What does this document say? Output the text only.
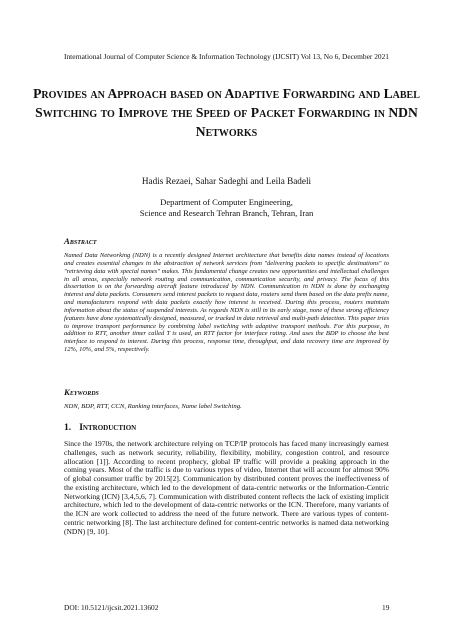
International Journal of Computer Science & Information Technology (IJCSIT) Vol 13, No 6, December 2021
Provides an Approach based on Adaptive Forwarding and Label Switching to Improve the Speed of Packet Forwarding in NDN Networks
Hadis Rezaei, Sahar Sadeghi and Leila Badeli
Department of Computer Engineering,
Science and Research Tehran Branch, Tehran, Iran
Abstract
Named Data Networking (NDN) is a recently designed Internet architecture that benefits data names instead of locations and creates essential changes in the abstraction of network services from "delivering packets to specific destinations" to "retrieving data with special names" makes. This fundamental change creates new opportunities and intellectual challenges in all areas, especially network routing and communication, communication security, and privacy. The focus of this dissertation is on the forwarding aircraft feature introduced by NDN. Communication in NDN is done by exchanging interest and data packets. Consumers send interest packets to request data, routers send them based on the data prefix name, and manufacturers respond with data packets exactly how interest is received. During this process, routers maintain information about the status of suspended interests. As regards NDN is still in its early stage, none of these strong efficiency features have done systematically designed, measured, or tracked in data retrieval and multi-path detection. This paper tries to improve transport performance by combining label switching with adaptive transport methods. For this purpose, in addition to RTT, another timer called T is used, an RTT factor for interface rating. And uses the BDP to choose the best interface to respond to interest. During this process, response time, throughput, and data recovery time are improved by 12%, 10%, and 5%, respectively.
Keywords
NDN, BDP, RTT, CCN, Ranking interfaces, Name label Switching.
1. Introduction
Since the 1970s, the network architecture relying on TCP/IP protocols has faced many increasingly earnest challenges, such as network security, reliability, flexibility, mobility, congestion control, and resource allocation [1]]. According to recent prophecy, global IP traffic will provide a peaking approach in the coming years. Most of the traffic is due to various types of video, Internet that will account for almost 90% of global consumer traffic by 2015[2]. Communication by distributed content proves the ineffectiveness of the existing architecture, which led to the development of data-centric networks or the Information-Centric Networking (ICN) [3,4,5,6, 7]. Communication with distributed content reflects the lack of existing implicit architecture, which led to the development of data-centric networks or the ICN. Therefore, many variants of the ICN are work collected to address the need of the future network. There are various types of content-centric networking [8]. The last architecture defined for content-centric networks is named data networking (NDN) [9, 10].
DOI: 10.5121/ijcsit.2021.13602	19
